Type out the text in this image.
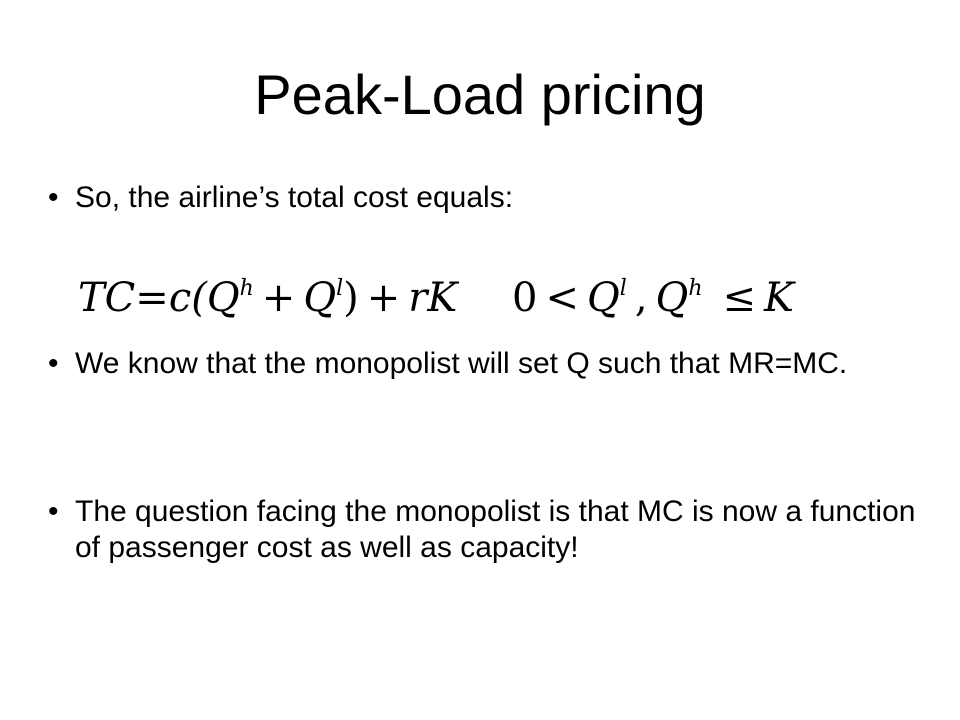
Peak-Load pricing

• So, the airline’s total cost equals:

$TC=c(Q^h + Q^l)$  +  rK $0 < Q^l$  ,  $Q^h$  ≤  K

• We know that the monopolist will set Q such that MR=MC.

• The question facing the monopolist is that MC is now a function of passenger cost as well as capacity!
